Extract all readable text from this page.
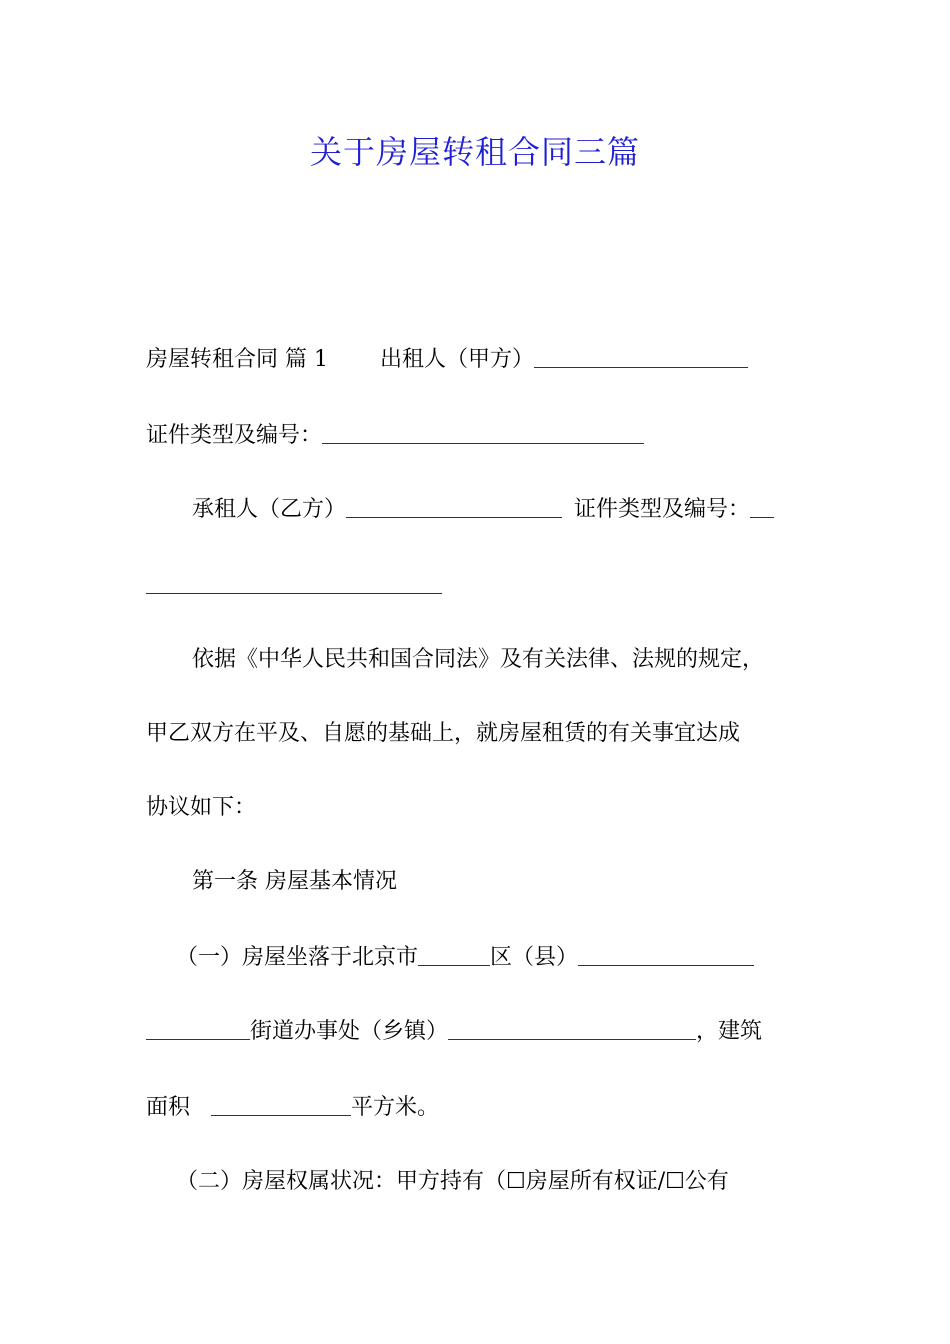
关于房屋转租合同三篇
房屋转租合同 篇 1 出租人（甲方）
证件类型及编号：
承租人（乙方）	证件类型及编号：
依据《中华人民共和国合同法》及有关法律、法规的规定，
甲乙双方在平及、自愿的基础上，就房屋租赁的有关事宜达成
协议如下：
第一条 房屋基本情况
（一）房屋坐落于北京市	区（县）
街道办事处（乡镇）	，建筑
面积	平方米。
（二）房屋权属状况：甲方持有（☐房屋所有权证/☐公有
